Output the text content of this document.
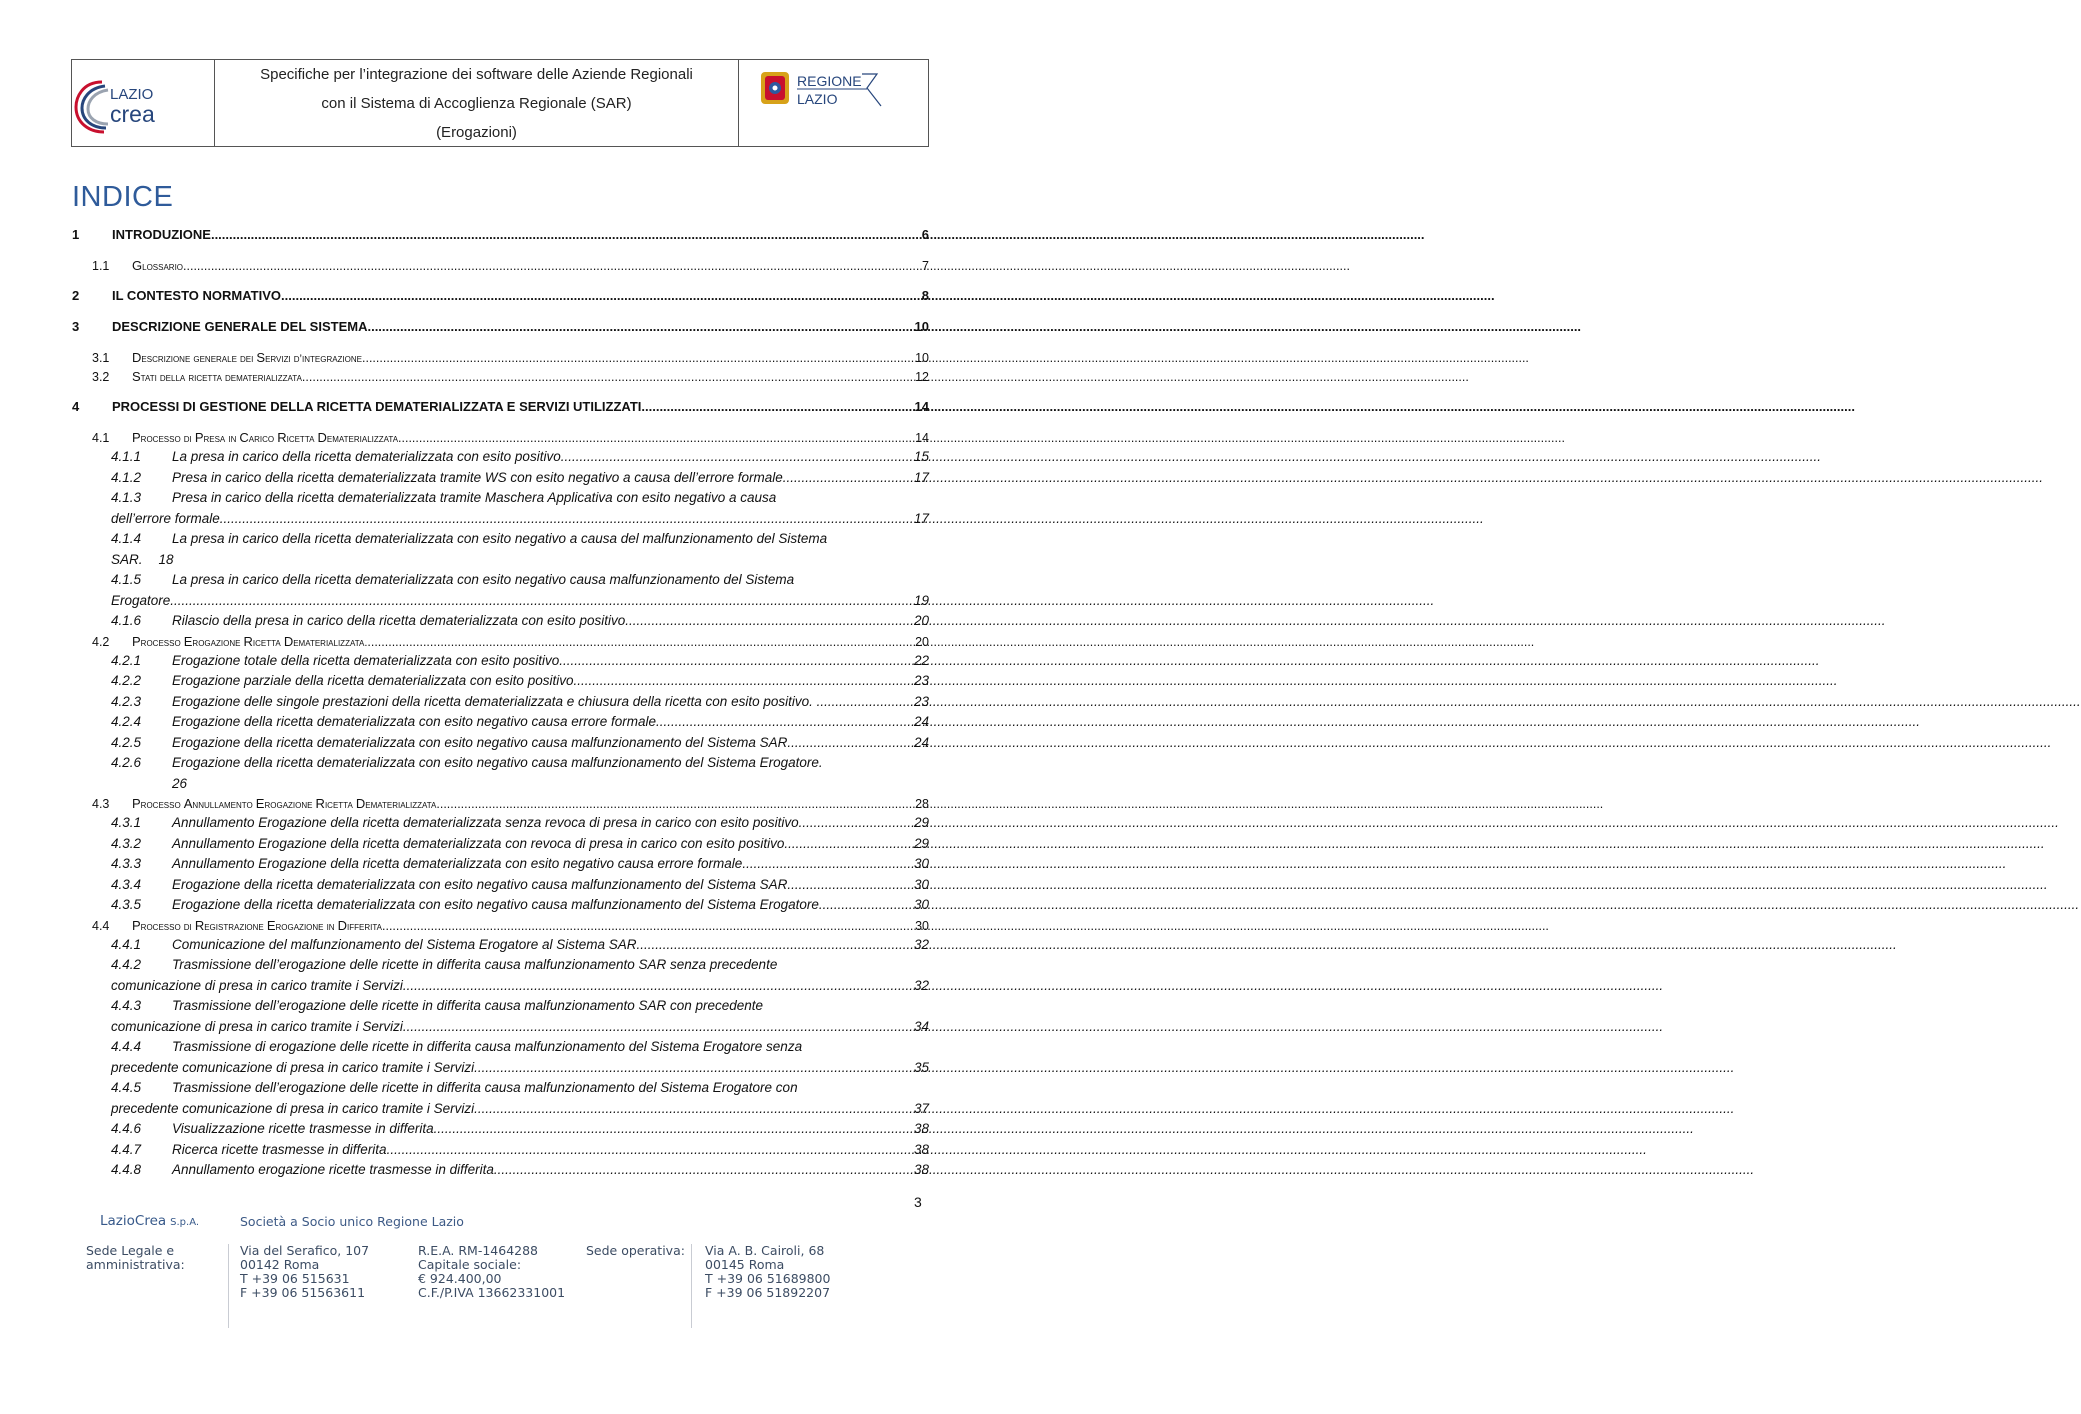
LAZIO
crea
Specifiche per l’integrazione dei software delle Aziende Regionali
con il Sistema di Accoglienza Regionale (SAR)
(Erogazioni)
REGIONE
LAZIO
INDICE
1	INTRODUZIONE .....	6
1.1	Glossario .....	7
2	IL CONTESTO NORMATIVO .....	8
3	DESCRIZIONE GENERALE DEL SISTEMA .....	10
3.1	Descrizione generale dei Servizi d’integrazione .....	10
3.2	Stati della ricetta dematerializzata .....	12
4	PROCESSI DI GESTIONE DELLA RICETTA DEMATERIALIZZATA E SERVIZI UTILIZZATI .....	14
4.1	Processo di Presa in Carico Ricetta Dematerializzata .....	14
4.1.1	La presa in carico della ricetta dematerializzata con esito positivo .....	15
4.1.2	Presa in carico della ricetta dematerializzata tramite WS con esito negativo a causa dell’errore formale .....	17
4.1.3	Presa in carico della ricetta dematerializzata tramite Maschera Applicativa con esito negativo a causa
dell’errore formale. .....	17
4.1.4	La presa in carico della ricetta dematerializzata con esito negativo a causa del malfunzionamento del Sistema
SAR. 18
4.1.5	La presa in carico della ricetta dematerializzata con esito negativo causa malfunzionamento del Sistema
Erogatore. .....	19
4.1.6	Rilascio della presa in carico della ricetta dematerializzata con esito positivo .....	20
4.2	Processo Erogazione Ricetta Dematerializzata. .....	20
4.2.1	Erogazione totale della ricetta dematerializzata con esito positivo .....	22
4.2.2	Erogazione parziale della ricetta dematerializzata con esito positivo. .....	23
4.2.3	Erogazione delle singole prestazioni della ricetta dematerializzata e chiusura della ricetta con esito positivo. . .....	23
4.2.4	Erogazione della ricetta dematerializzata con esito negativo causa errore formale. .....	24
4.2.5	Erogazione della ricetta dematerializzata con esito negativo causa malfunzionamento del Sistema SAR. .....	24
4.2.6	Erogazione della ricetta dematerializzata con esito negativo causa malfunzionamento del Sistema Erogatore.
26
4.3	Processo Annullamento Erogazione Ricetta Dematerializzata .....	28
4.3.1	Annullamento Erogazione della ricetta dematerializzata senza revoca di presa in carico con esito positivo .....	29
4.3.2	Annullamento Erogazione della ricetta dematerializzata con revoca di presa in carico con esito positivo .....	29
4.3.3	Annullamento Erogazione della ricetta dematerializzata con esito negativo causa errore formale. .....	30
4.3.4	Erogazione della ricetta dematerializzata con esito negativo causa malfunzionamento del Sistema SAR .....	30
4.3.5	Erogazione della ricetta dematerializzata con esito negativo causa malfunzionamento del Sistema Erogatore .....	30
4.4	Processo di Registrazione Erogazione in Differita .....	30
4.4.1	Comunicazione del malfunzionamento del Sistema Erogatore al Sistema SAR .....	32
4.4.2	Trasmissione dell’erogazione delle ricette in differita causa malfunzionamento SAR senza precedente
comunicazione di presa in carico tramite i Servizi .....	32
4.4.3	Trasmissione dell’erogazione delle ricette in differita causa malfunzionamento SAR con precedente
comunicazione di presa in carico tramite i Servizi .....	34
4.4.4	Trasmissione di erogazione delle ricette in differita causa malfunzionamento del Sistema Erogatore senza
precedente comunicazione di presa in carico tramite i Servizi .....	35
4.4.5	Trasmissione dell’erogazione delle ricette in differita causa malfunzionamento del Sistema Erogatore con
precedente comunicazione di presa in carico tramite i Servizi .....	37
4.4.6	Visualizzazione ricette trasmesse in differita .....	38
4.4.7	Ricerca ricette trasmesse in differita .....	38
4.4.8	Annullamento erogazione ricette trasmesse in differita .....	38
3
LazioCrea S.p.A.	Società a Socio unico Regione Lazio
Sede Legale e
amministrativa:
Via del Serafico, 107
00142 Roma
T +39 06 515631
F +39 06 51563611
R.E.A. RM-1464288
Capitale sociale:
€ 924.400,00
C.F./P.IVA 13662331001
Sede operativa: Via A. B. Cairoli, 68
00145 Roma
T +39 06 51689800
F +39 06 51892207
